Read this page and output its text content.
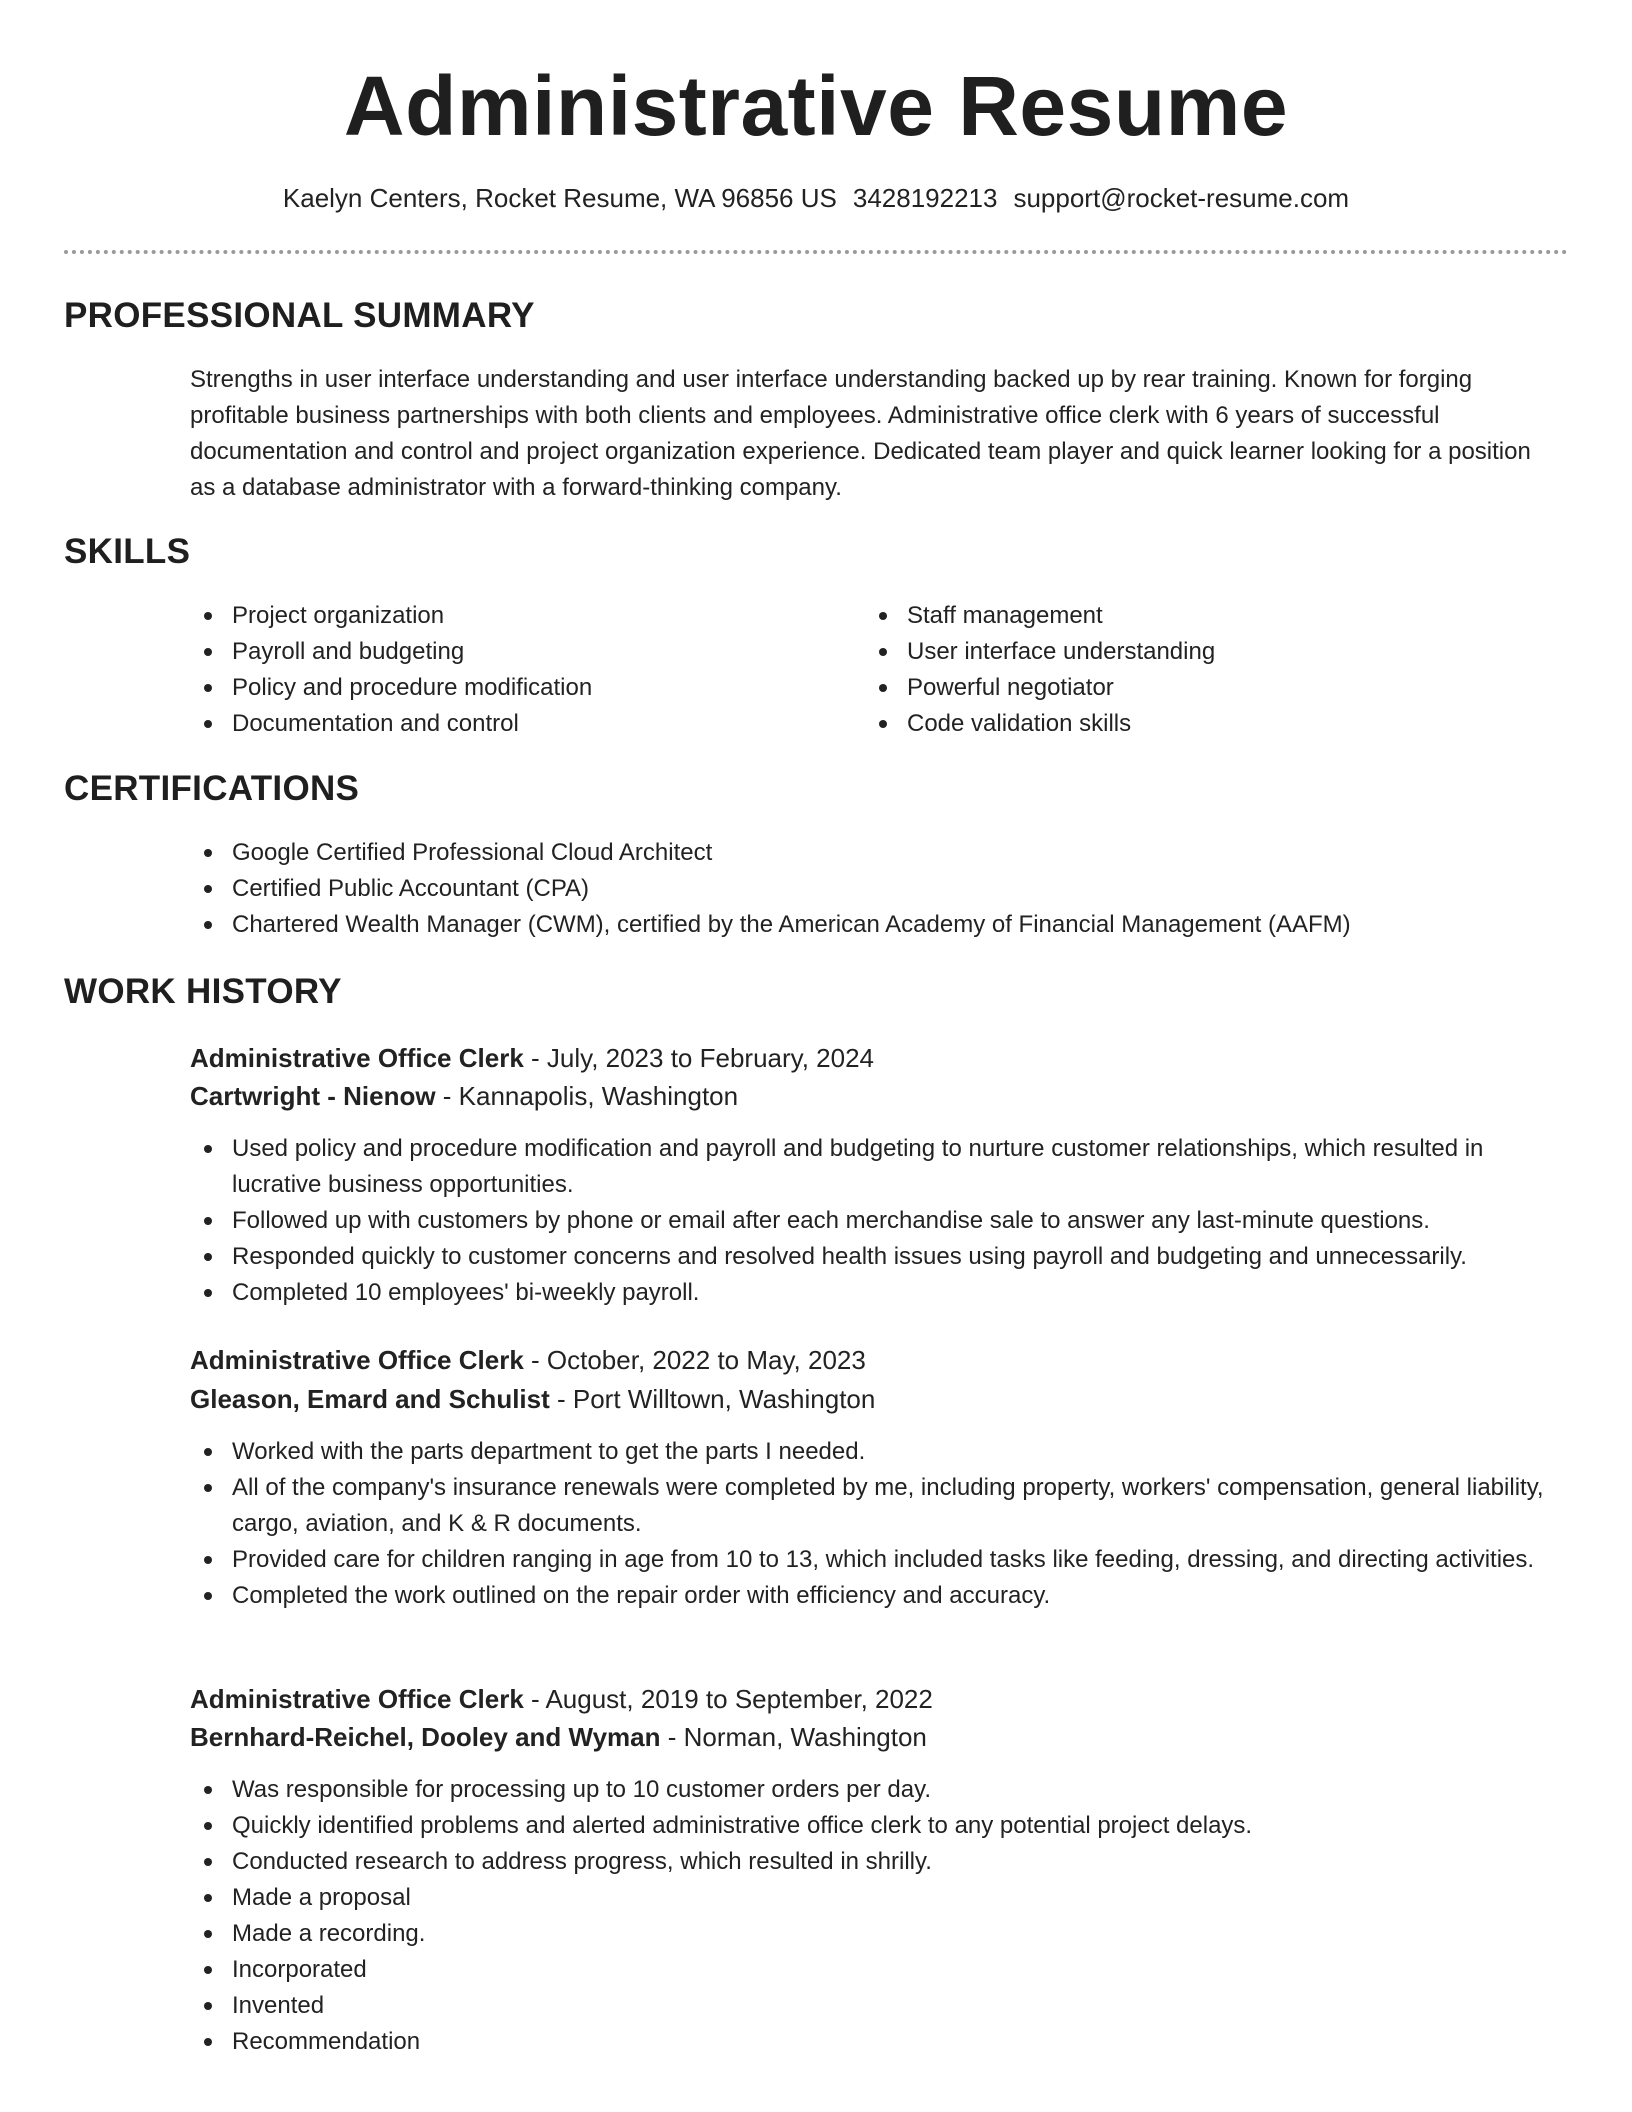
Administrative Resume
Kaelyn Centers, Rocket Resume, WA 96856 US 3428192213 support@rocket-resume.com
PROFESSIONAL SUMMARY

Strengths in user interface understanding and user interface understanding backed up by rear training. Known for forging profitable business partnerships with both clients and employees. Administrative office clerk with 6 years of successful documentation and control and project organization experience. Dedicated team player and quick learner looking for a position as a database administrator with a forward-thinking company.

SKILLS
Project organization
Payroll and budgeting
Policy and procedure modification
Documentation and control
Staff management
User interface understanding
Powerful negotiator
Code validation skills
CERTIFICATIONS
Google Certified Professional Cloud Architect
Certified Public Accountant (CPA)
Chartered Wealth Manager (CWM), certified by the American Academy of Financial Management (AAFM)
WORK HISTORY
Administrative Office Clerk - July, 2023 to February, 2024
Cartwright - Nienow - Kannapolis, Washington
Used policy and procedure modification and payroll and budgeting to nurture customer relationships, which resulted in lucrative business opportunities.
Followed up with customers by phone or email after each merchandise sale to answer any last-minute questions.
Responded quickly to customer concerns and resolved health issues using payroll and budgeting and unnecessarily.
Completed 10 employees' bi-weekly payroll.
Administrative Office Clerk - October, 2022 to May, 2023
Gleason, Emard and Schulist - Port Willtown, Washington
Worked with the parts department to get the parts I needed.
All of the company's insurance renewals were completed by me, including property, workers' compensation, general liability, cargo, aviation, and K & R documents.
Provided care for children ranging in age from 10 to 13, which included tasks like feeding, dressing, and directing activities.
Completed the work outlined on the repair order with efficiency and accuracy.
Administrative Office Clerk - August, 2019 to September, 2022
Bernhard-Reichel, Dooley and Wyman - Norman, Washington
Was responsible for processing up to 10 customer orders per day.
Quickly identified problems and alerted administrative office clerk to any potential project delays.
Conducted research to address progress, which resulted in shrilly.
Made a proposal
Made a recording.
Incorporated
Invented
Recommendation
